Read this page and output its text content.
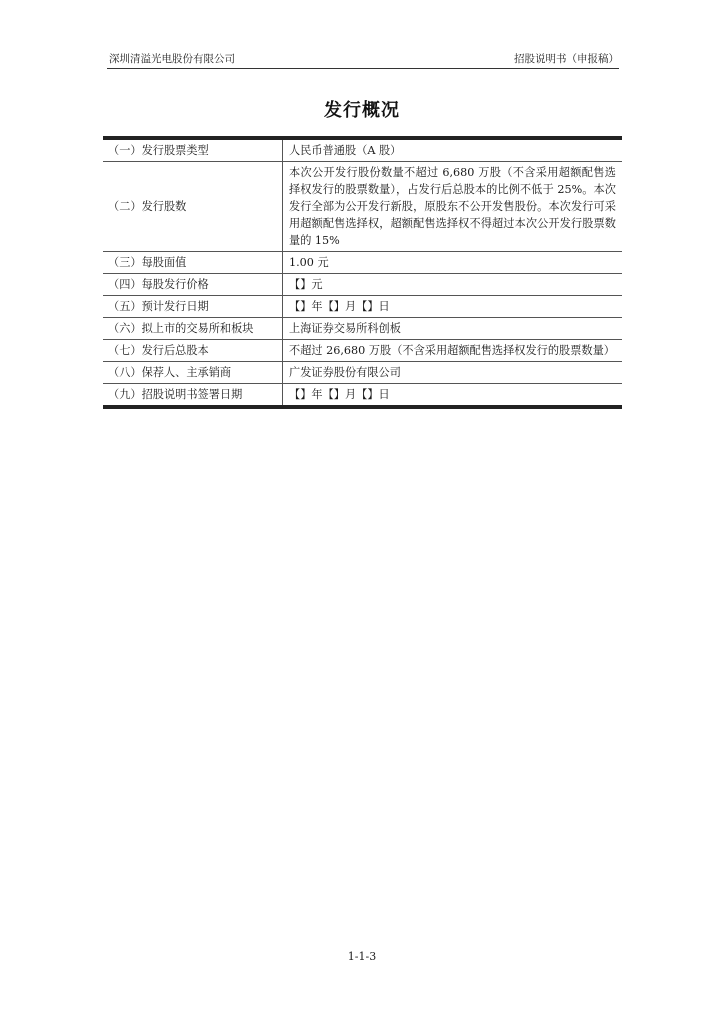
深圳清溢光电股份有限公司	招股说明书（申报稿）
发行概况
（一）发行股票类型	人民币普通股（A 股）
（二）发行股数	本次公开发行股份数量不超过 6,680 万股（不含采用超额配售选择权发行的股票数量），占发行后总股本的比例不低于 25%。本次发行全部为公开发行新股，原股东不公开发售股份。本次发行可采用超额配售选择权，超额配售选择权不得超过本次公开发行股票数量的 15%
（三）每股面值	1.00 元
（四）每股发行价格	【】元
（五）预计发行日期	【】年【】月【】日
（六）拟上市的交易所和板块	上海证券交易所科创板
（七）发行后总股本	不超过 26,680 万股（不含采用超额配售选择权发行的股票数量）
（八）保荐人、主承销商	广发证券股份有限公司
（九）招股说明书签署日期	【】年【】月【】日
1-1-3
